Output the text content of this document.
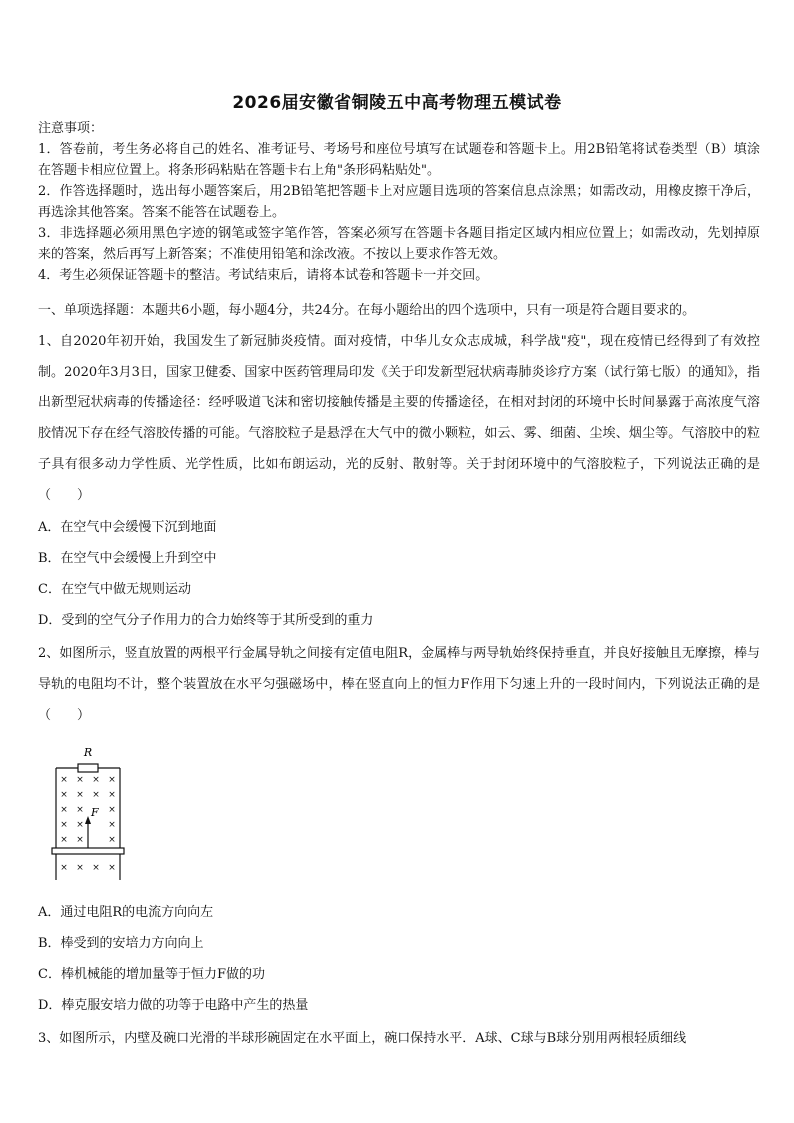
2026届安徽省铜陵五中高考物理五模试卷

注意事项：

1．答卷前，考生务必将自己的姓名、准考证号、考场号和座位号填写在试题卷和答题卡上。用2B铅笔将试卷类型（B）填涂在答题卡相应位置上。将条形码粘贴在答题卡右上角"条形码粘贴处"。

2．作答选择题时，选出每小题答案后，用2B铅笔把答题卡上对应题目选项的答案信息点涂黑；如需改动，用橡皮擦干净后，再选涂其他答案。答案不能答在试题卷上。

3．非选择题必须用黑色字迹的钢笔或签字笔作答，答案必须写在答题卡各题目指定区域内相应位置上；如需改动，先划掉原来的答案，然后再写上新答案；不准使用铅笔和涂改液。不按以上要求作答无效。

4．考生必须保证答题卡的整洁。考试结束后，请将本试卷和答题卡一并交回。

一、单项选择题：本题共6小题，每小题4分，共24分。在每小题给出的四个选项中，只有一项是符合题目要求的。

1、自2020年初开始，我国发生了新冠肺炎疫情。面对疫情，中华儿女众志成城，科学战"疫"，现在疫情已经得到了有效控制。2020年3月3日，国家卫健委、国家中医药管理局印发《关于印发新型冠状病毒肺炎诊疗方案（试行第七版）的通知》，指出新型冠状病毒的传播途径：经呼吸道飞沫和密切接触传播是主要的传播途径，在相对封闭的环境中长时间暴露于高浓度气溶胶情况下存在经气溶胶传播的可能。气溶胶粒子是悬浮在大气中的微小颗粒，如云、雾、细菌、尘埃、烟尘等。气溶胶中的粒子具有很多动力学性质、光学性质，比如布朗运动，光的反射、散射等。关于封闭环境中的气溶胶粒子，下列说法正确的是（　　）

A．在空气中会缓慢下沉到地面
B．在空气中会缓慢上升到空中
C．在空气中做无规则运动
D．受到的空气分子作用力的合力始终等于其所受到的重力
2、如图所示，竖直放置的两根平行金属导轨之间接有定值电阻R，金属棒与两导轨始终保持垂直，并良好接触且无摩擦，棒与导轨的电阻均不计，整个装置放在水平匀强磁场中，棒在竖直向上的恒力F作用下匀速上升的一段时间内，下列说法正确的是（　　）
× × × ×
× × × ×
× ×	×
× ×	×
× ×	×
× × × ×
R
F
A．通过电阻R的电流方向向左
B．棒受到的安培力方向向上
C．棒机械能的增加量等于恒力F做的功
D．棒克服安培力做的功等于电路中产生的热量
3、如图所示，内壁及碗口光滑的半球形碗固定在水平面上，碗口保持水平．A球、C球与B球分别用两根轻质细线
